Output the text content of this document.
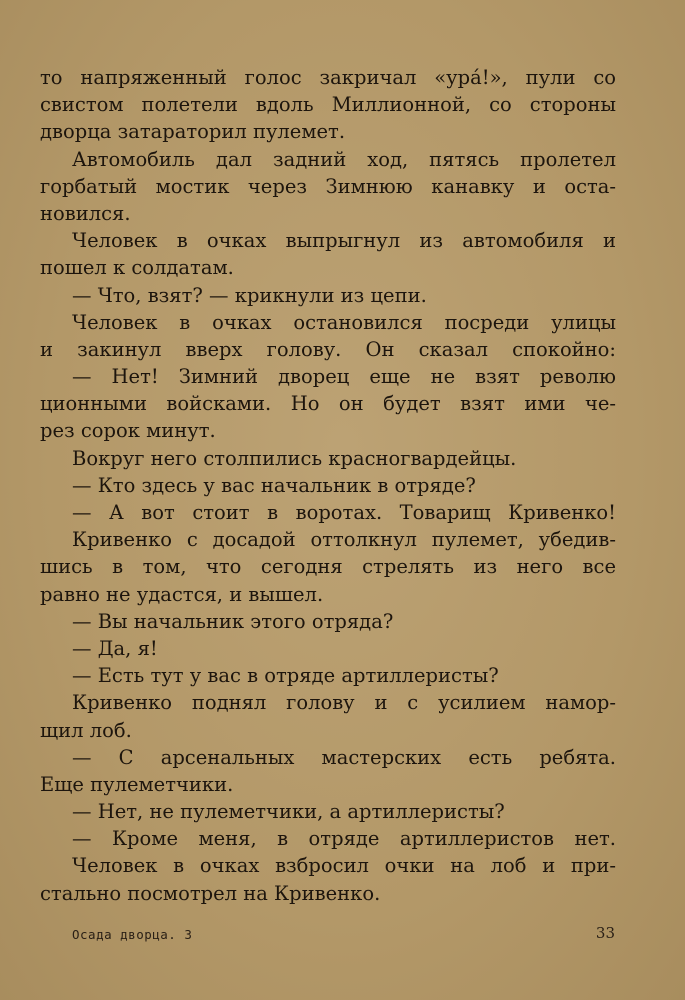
то напряженный голос закричал «ура́!», пули со
свистом полетели вдоль Миллионной, со стороны
дворца затараторил пулемет.
Автомобиль дал задний ход, пятясь пролетел
горбатый мостик через Зимнюю канавку и оста-
новился.
Человек в очках выпрыгнул из автомобиля и
пошел к солдатам.
— Что, взят? — крикнули из цепи.
Человек в очках остановился посреди улицы
и закинул вверх голову. Он сказал спокойно:
— Нет! Зимний дворец еще не взят револю
ционными войсками. Но он будет взят ими че-
рез сорок минут.
Вокруг него столпились красногвардейцы.
— Кто здесь у вас начальник в отряде?
— А вот стоит в воротах. Товарищ Кривенко!
Кривенко с досадой оттолкнул пулемет, убедив-
шись в том, что сегодня стрелять из него все
равно не удастся, и вышел.
— Вы начальник этого отряда?
— Да, я!
— Есть тут у вас в отряде артиллеристы?
Кривенко поднял голову и с усилием намор-
щил лоб.
— С арсенальных мастерских есть ребята.
Еще пулеметчики.
— Нет, не пулеметчики, а артиллеристы?
— Кроме меня, в отряде артиллеристов нет.
Человек в очках взбросил очки на лоб и при-
стально посмотрел на Кривенко.
Осада дворца. 3	33
